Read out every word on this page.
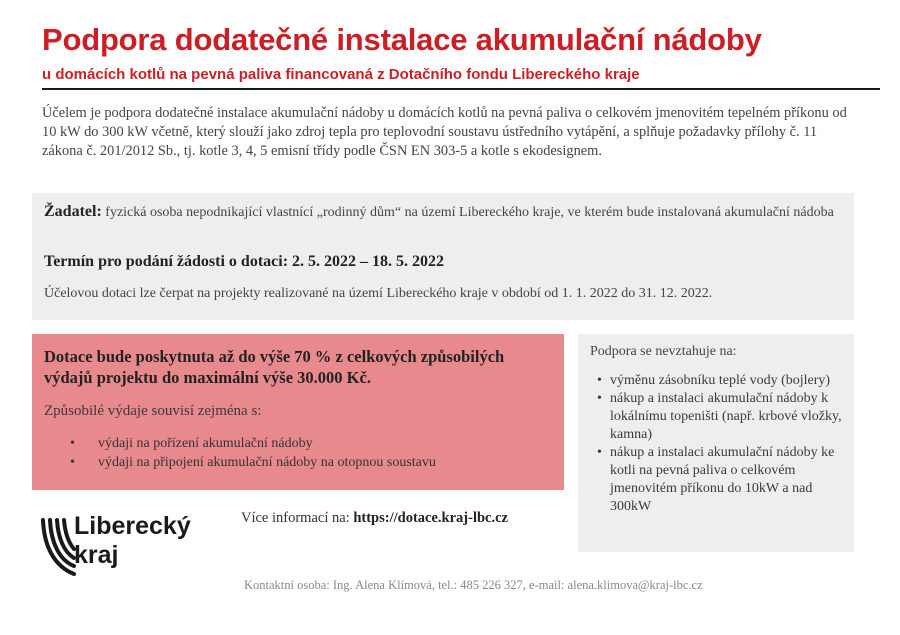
Podpora dodatečné instalace akumulační nádoby
u domácích kotlů na pevná paliva financovaná z Dotačního fondu Libereckého kraje

Účelem je podpora dodatečné instalace akumulační nádoby u domácích kotlů na pevná paliva o celkovém jmenovitém tepelném příkonu od 10 kW do 300 kW včetně, který slouží jako zdroj tepla pro teplovodní soustavu ústředního vytápění, a splňuje požadavky přílohy č. 11 zákona č. 201/2012 Sb., tj. kotle 3, 4, 5 emisní třídy podle ČSN EN 303-5 a kotle s ekodesignem.

Žadatel: fyzická osoba nepodnikající vlastnící „rodinný dům“ na území Libereckého kraje, ve kterém bude instalovaná akumulační nádoba
Termín pro podání žádosti o dotaci: 2. 5. 2022 – 18. 5. 2022
Účelovou dotaci lze čerpat na projekty realizované na území Libereckého kraje v období od 1. 1. 2022 do 31. 12. 2022.
Dotace bude poskytnuta až do výše 70 % z celkových způsobilých výdajů projektu do maximální výše 30.000 Kč.
Způsobilé výdaje souvisí zejména s:
• výdaji na pořízení akumulační nádoby
• výdaji na připojení akumulační nádoby na otopnou soustavu
Podpora se nevztahuje na:
• výměnu zásobníku teplé vody (bojlery)
• nákup a instalaci akumulační nádoby k lokálnímu topeništi (např. krbové vložky, kamna)
• nákup a instalaci akumulační nádoby ke kotli na pevná paliva o celkovém jmenovitém příkonu do 10kW a nad 300kW
Liberecký
kraj
Více informací na: https://dotace.kraj-lbc.cz
Kontaktní osoba: Ing. Alena Klímová, tel.: 485 226 327, e-mail: alena.klimova@kraj-lbc.cz
